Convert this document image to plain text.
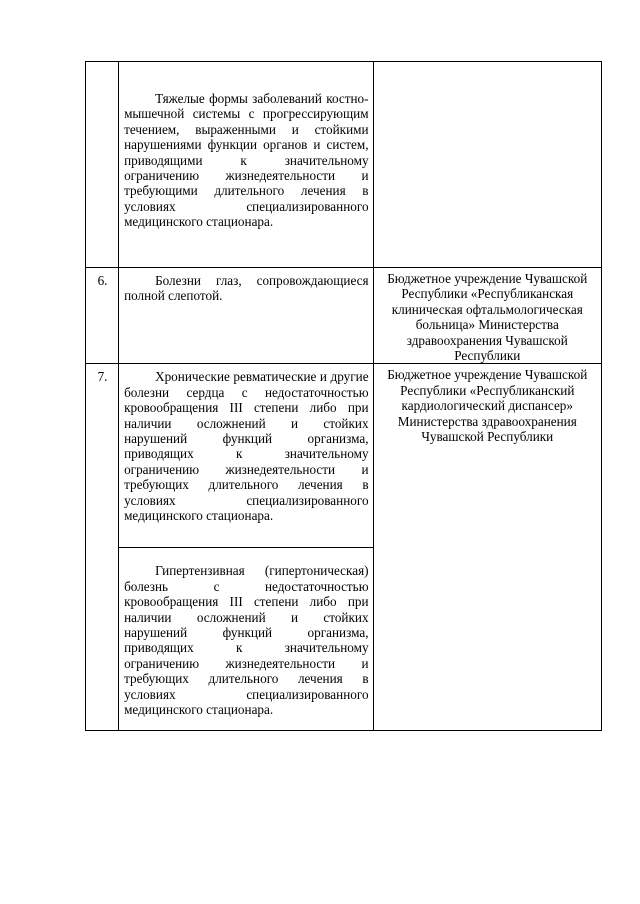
	Тяжелые формы заболеваний костно-мышечной системы с прогрессирующим течением, выраженными и стойкими нарушениями функции органов и систем, приводящими к значительному ограничению жизнедеятельности и требующими длительного лечения в условиях специализированного медицинского стационара.	

6.	Болезни глаз, сопровождающиеся полной слепотой.	Бюджетное учреждение Чувашской Республики «Республиканская клиническая офтальмологическая больница» Министерства здравоохранения Чувашской Республики

7.	Хронические ревматические и другие болезни сердца с недостаточностью кровообращения III степени либо при наличии осложнений и стойких нарушений функций организма, приводящих к значительному ограничению жизнедеятельности и требующих длительного лечения в условиях специализированного медицинского стационара.	Бюджетное учреждение Чувашской Республики «Республиканский кардиологический диспансер» Министерства здравоохранения Чувашской Республики

	Гипертензивная (гипертоническая) болезнь с недостаточностью кровообращения III степени либо при наличии осложнений и стойких нарушений функций организма, приводящих к значительному ограничению жизнедеятельности и требующих длительного лечения в условиях специализированного медицинского стационара.	
